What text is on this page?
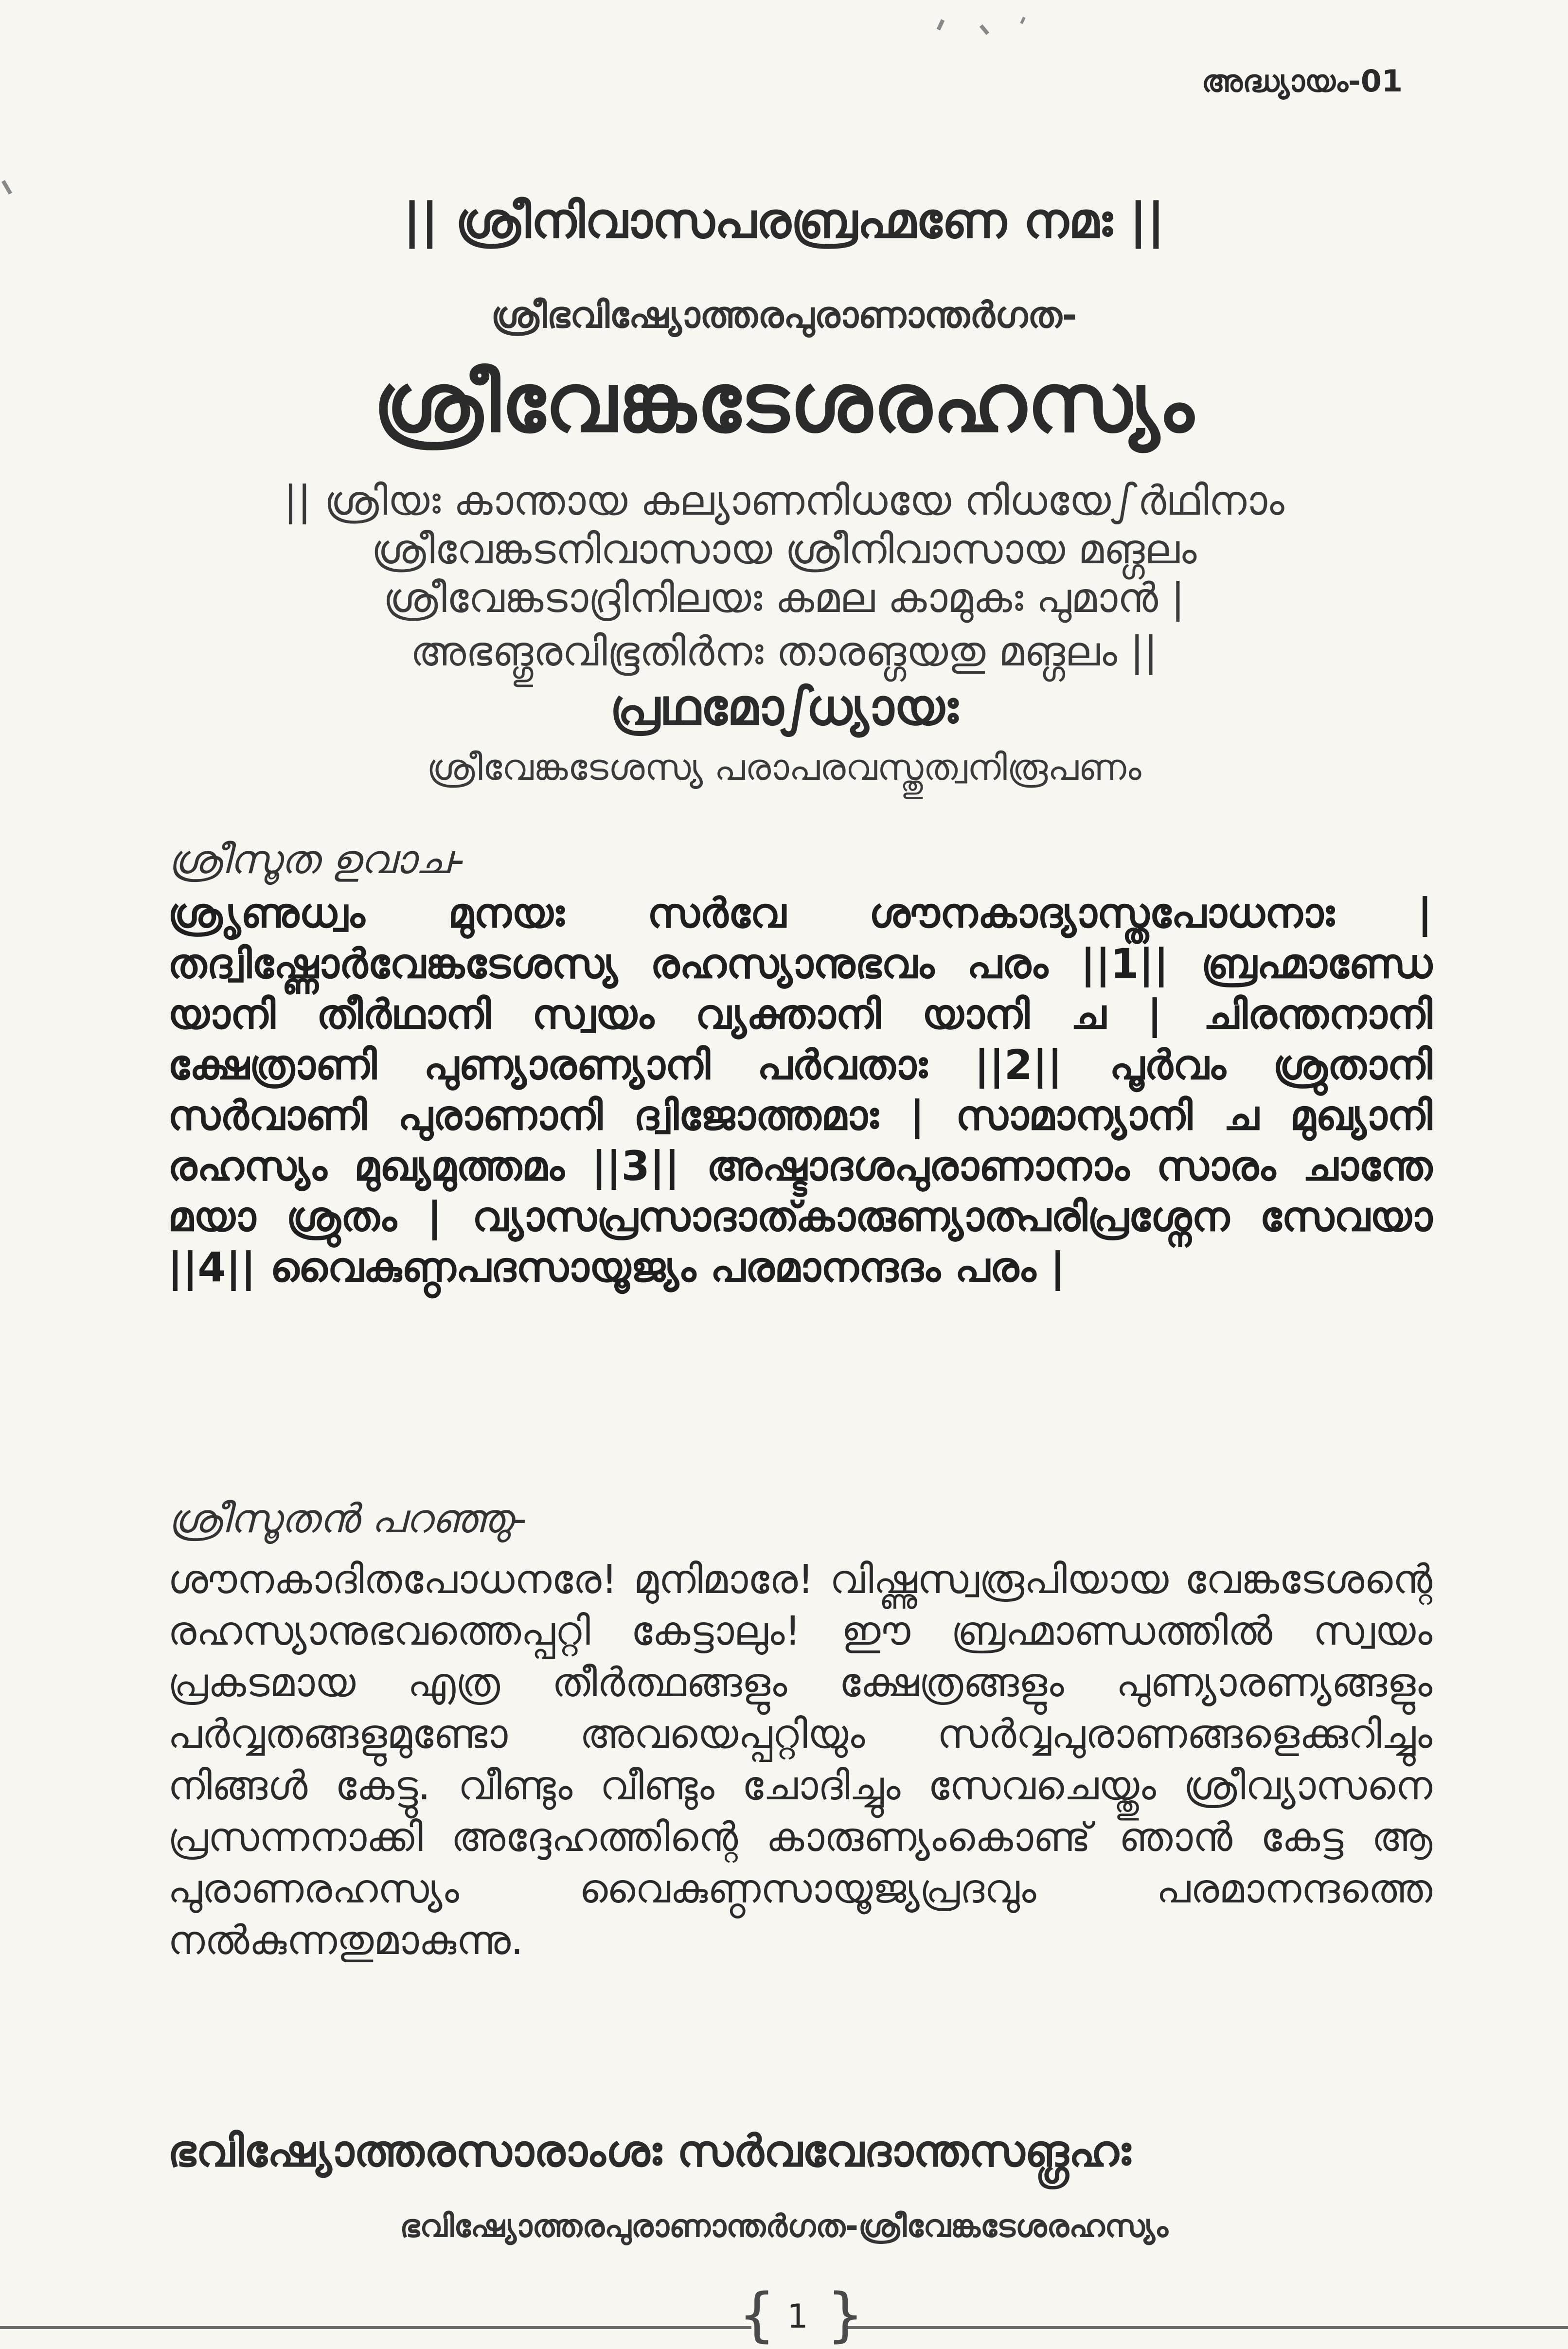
അദ്ധ്യായം-01
|| ശ്രീനിവാസപരബ്രഹ്മണേ നമഃ ||
ശ്രീഭവിഷ്യോത്തരപുരാണാന്തർഗത-
ശ്രീവേങ്കടേശരഹസ്യം
|| ശ്രിയഃ കാന്തായ കല്യാണനിധയേ നിധയേഽർഥിനാം
ശ്രീവേങ്കടനിവാസായ ശ്രീനിവാസായ മങ്ഗലം
ശ്രീവേങ്കടാദ്രിനിലയഃ കമല കാമുകഃ പുമാൻ |
അഭങ്ഗുരവിഭൂതിർനഃ താരങ്ഗയതു മങ്ഗലം ||
പ്രഥമോഽധ്യായഃ
ശ്രീവേങ്കടേശസ്യ പരാപരവസ്തുത്വനിരൂപണം
ശ്രീസൂത ഉവാച-
ശ്രൃണുധ്വം മുനയഃ സർവേ ശൗനകാദ്യാസ്തപോധനാഃ | തദ്വിഷ്ണോർവേങ്കടേശസ്യ രഹസ്യാനുഭവം പരം ||1|| ബ്രഹ്മാണ്ഡേ യാനി തീർഥാനി സ്വയം വ്യക്താനി യാനി ച | ചിരന്തനാനി ക്ഷേത്രാണി പുണ്യാരണ്യാനി പർവതാഃ ||2|| പൂർവം ശ്രുതാനി സർവാണി പുരാണാനി ദ്വിജോത്തമാഃ | സാമാന്യാനി ച മുഖ്യാനി രഹസ്യം മുഖ്യമുത്തമം ||3|| അഷ്ടാദശപുരാണാനാം സാരം ചാന്തേ മയാ ശ്രുതം | വ്യാസപ്രസാദാത്കാരുണ്യാത്പരിപ്രശ്നേന സേവയാ ||4|| വൈകുണ്ഠപദസായൂജ്യം പരമാനന്ദദം പരം |
ശ്രീസൂതൻ പറഞ്ഞു-
ശൗനകാദിതപോധനരേ! മുനിമാരേ! വിഷ്ണുസ്വരൂപിയായ വേങ്കടേശന്റെ രഹസ്യാനുഭവത്തെപ്പറ്റി കേട്ടാലും! ഈ ബ്രഹ്മാണ്ഡത്തിൽ സ്വയം പ്രകടമായ എത്ര തീർത്ഥങ്ങളും ക്ഷേത്രങ്ങളും പുണ്യാരണ്യങ്ങളും പർവ്വതങ്ങളുമുണ്ടോ അവയെപ്പറ്റിയും സർവ്വപുരാണങ്ങളെക്കുറിച്ചും നിങ്ങൾ കേട്ടു. വീണ്ടും വീണ്ടും ചോദിച്ചും സേവചെയ്തും ശ്രീവ്യാസനെ പ്രസന്നനാക്കി അദ്ദേഹത്തിന്റെ കാരുണ്യംകൊണ്ട് ഞാൻ കേട്ട ആ പുരാണരഹസ്യം വൈകുണ്ഠസായൂജ്യപ്രദവും പരമാനന്ദത്തെ നൽകുന്നതുമാകുന്നു.
ഭവിഷ്യോത്തരസാരാംശഃ സർവവേദാന്തസങ്ഗ്രഹഃ
ഭവിഷ്യോത്തരപുരാണാന്തർഗത-ശ്രീവേങ്കടേശരഹസ്യം
1
{ }
